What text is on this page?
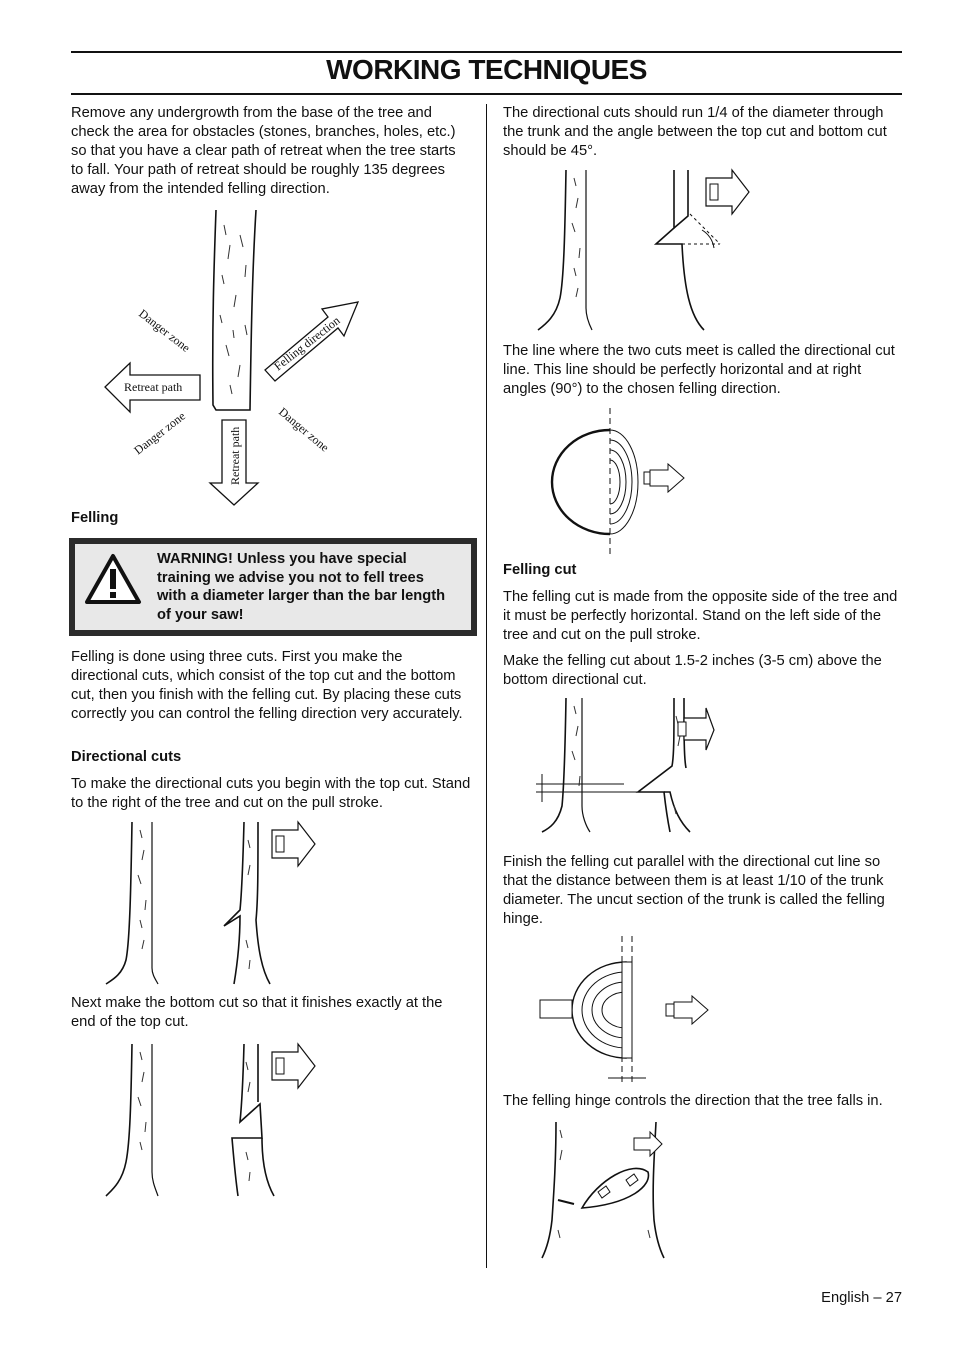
WORKING TECHNIQUES

Remove any undergrowth from the base of the tree and check the area for obstacles (stones, branches, holes, etc.) so that you have a clear path of retreat when the tree starts to fall. Your path of retreat should be roughly 135 degrees away from the intended felling direction.

Felling direction
Retreat path
Retreat path
Danger zone
Danger zone	Danger zone

Felling

WARNING! Unless you have special training we advise you not to fell trees with a diameter larger than the bar length of your saw!

Felling is done using three cuts. First you make the directional cuts, which consist of the top cut and the bottom cut, then you finish with the felling cut. By placing these cuts correctly you can control the felling direction very accurately.

Directional cuts

To make the directional cuts you begin with the top cut. Stand to the right of the tree and cut on the pull stroke.

Next make the bottom cut so that it finishes exactly at the end of the top cut.

The directional cuts should run 1/4 of the diameter through the trunk and the angle between the top cut and bottom cut should be 45°.

The line where the two cuts meet is called the directional cut line. This line should be perfectly horizontal and at right angles (90°) to the chosen felling direction.

Felling cut

The felling cut is made from the opposite side of the tree and it must be perfectly horizontal. Stand on the left side of the tree and cut on the pull stroke.

Make the felling cut about 1.5-2 inches (3-5 cm) above the bottom directional cut.

Finish the felling cut parallel with the directional cut line so that the distance between them is at least 1/10 of the trunk diameter. The uncut section of the trunk is called the felling hinge.

The felling hinge controls the direction that the tree falls in.

English – 27
